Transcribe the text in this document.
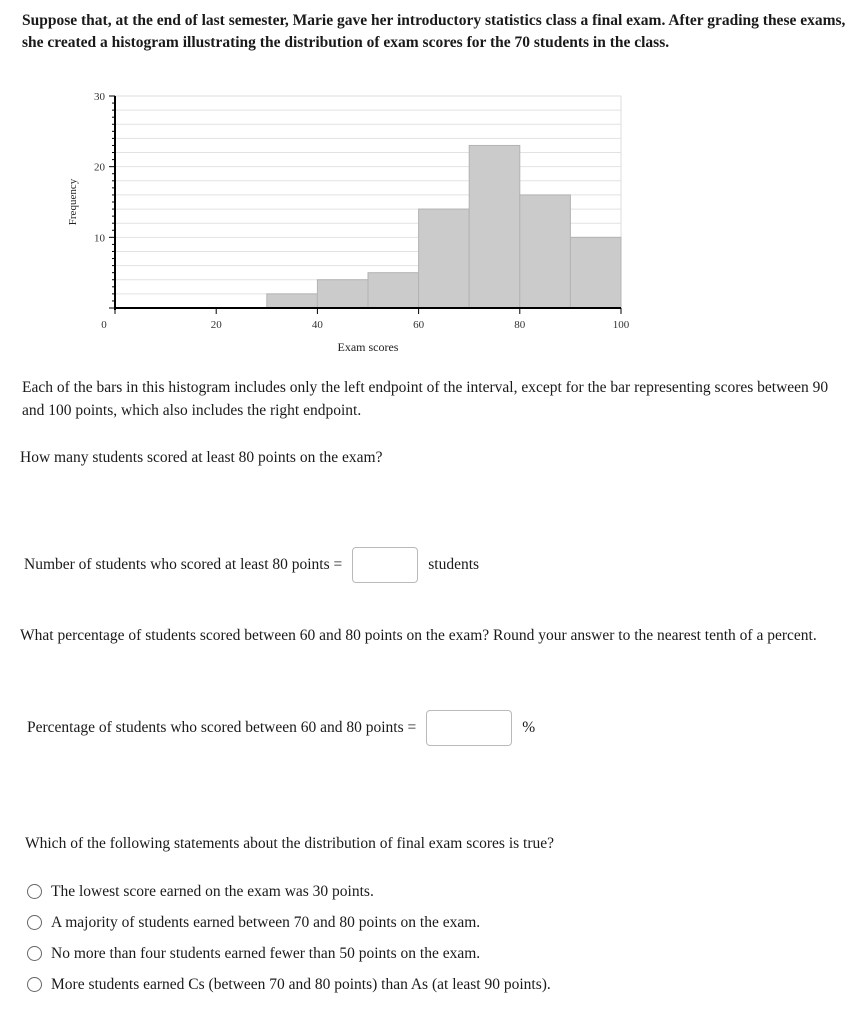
Suppose that, at the end of last semester, Marie gave her introductory statistics class a final exam. After grading these exams, she created a histogram illustrating the distribution of exam scores for the 70 students in the class.
0	20	40	60	80	100
10
20
30
Exam scores
Frequency
Each of the bars in this histogram includes only the left endpoint of the interval, except for the bar representing scores between 90 and 100 points, which also includes the right endpoint.
How many students scored at least 80 points on the exam?
Number of students who scored at least 80 points =	students
What percentage of students scored between 60 and 80 points on the exam? Round your answer to the nearest tenth of a percent.
Percentage of students who scored between 60 and 80 points =	%
Which of the following statements about the distribution of final exam scores is true?
The lowest score earned on the exam was 30 points.
A majority of students earned between 70 and 80 points on the exam.
No more than four students earned fewer than 50 points on the exam.
More students earned Cs (between 70 and 80 points) than As (at least 90 points).
